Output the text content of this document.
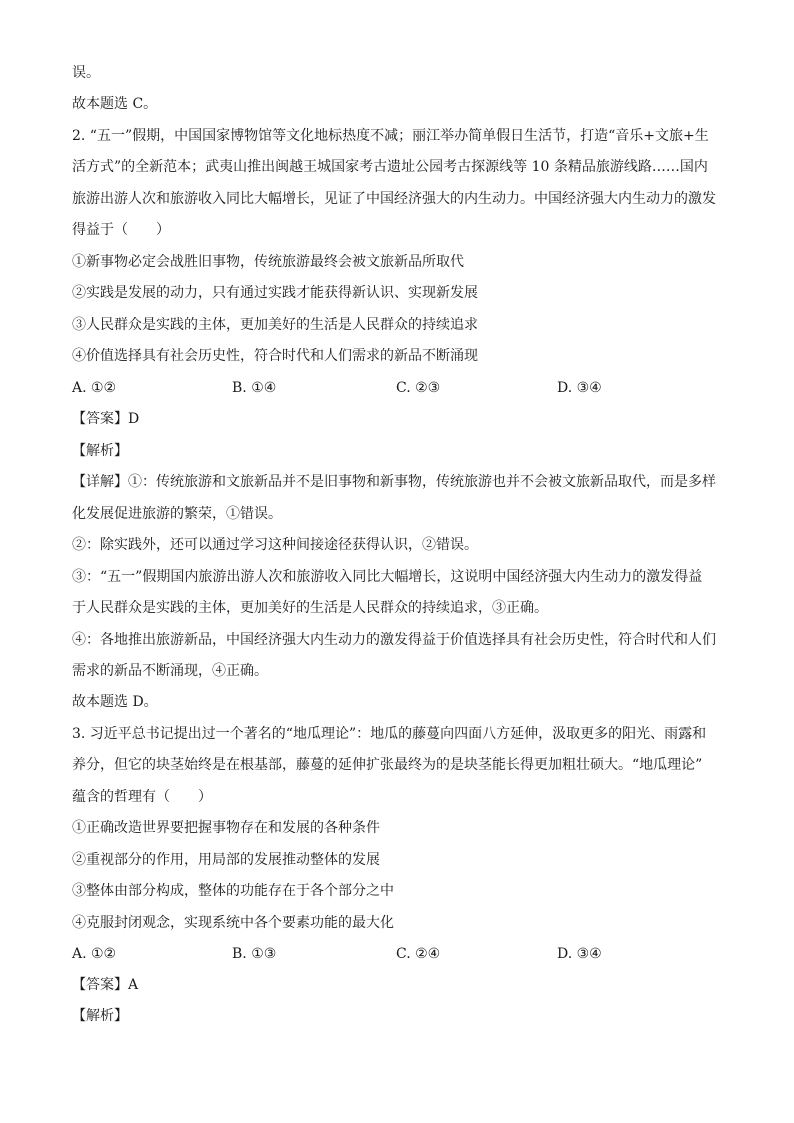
误。
故本题选 C。
2. “五一”假期，中国国家博物馆等文化地标热度不减；丽江举办简单假日生活节，打造“音乐+文旅+生
活方式”的全新范本；武夷山推出闽越王城国家考古遗址公园考古探源线等 10 条精品旅游线路……国内
旅游出游人次和旅游收入同比大幅增长，见证了中国经济强大的内生动力。中国经济强大内生动力的激发
得益于（　　）
①新事物必定会战胜旧事物，传统旅游最终会被文旅新品所取代
②实践是发展的动力，只有通过实践才能获得新认识、实现新发展
③人民群众是实践的主体，更加美好的生活是人民群众的持续追求
④价值选择具有社会历史性，符合时代和人们需求的新品不断涌现
A. ①②	B. ①④	C. ②③	D. ③④
【答案】D
【解析】
【详解】①：传统旅游和文旅新品并不是旧事物和新事物，传统旅游也并不会被文旅新品取代，而是多样
化发展促进旅游的繁荣，①错误。
②：除实践外，还可以通过学习这种间接途径获得认识，②错误。
③：“五一”假期国内旅游出游人次和旅游收入同比大幅增长，这说明中国经济强大内生动力的激发得益
于人民群众是实践的主体，更加美好的生活是人民群众的持续追求，③正确。
④：各地推出旅游新品，中国经济强大内生动力的激发得益于价值选择具有社会历史性，符合时代和人们
需求的新品不断涌现，④正确。
故本题选 D。
3. 习近平总书记提出过一个著名的“地瓜理论”：地瓜的藤蔓向四面八方延伸，汲取更多的阳光、雨露和
养分，但它的块茎始终是在根基部，藤蔓的延伸扩张最终为的是块茎能长得更加粗壮硕大。“地瓜理论”
蕴含的哲理有（　　）
①正确改造世界要把握事物存在和发展的各种条件
②重视部分的作用，用局部的发展推动整体的发展
③整体由部分构成，整体的功能存在于各个部分之中
④克服封闭观念，实现系统中各个要素功能的最大化
A. ①②	B. ①③	C. ②④	D. ③④
【答案】A
【解析】
